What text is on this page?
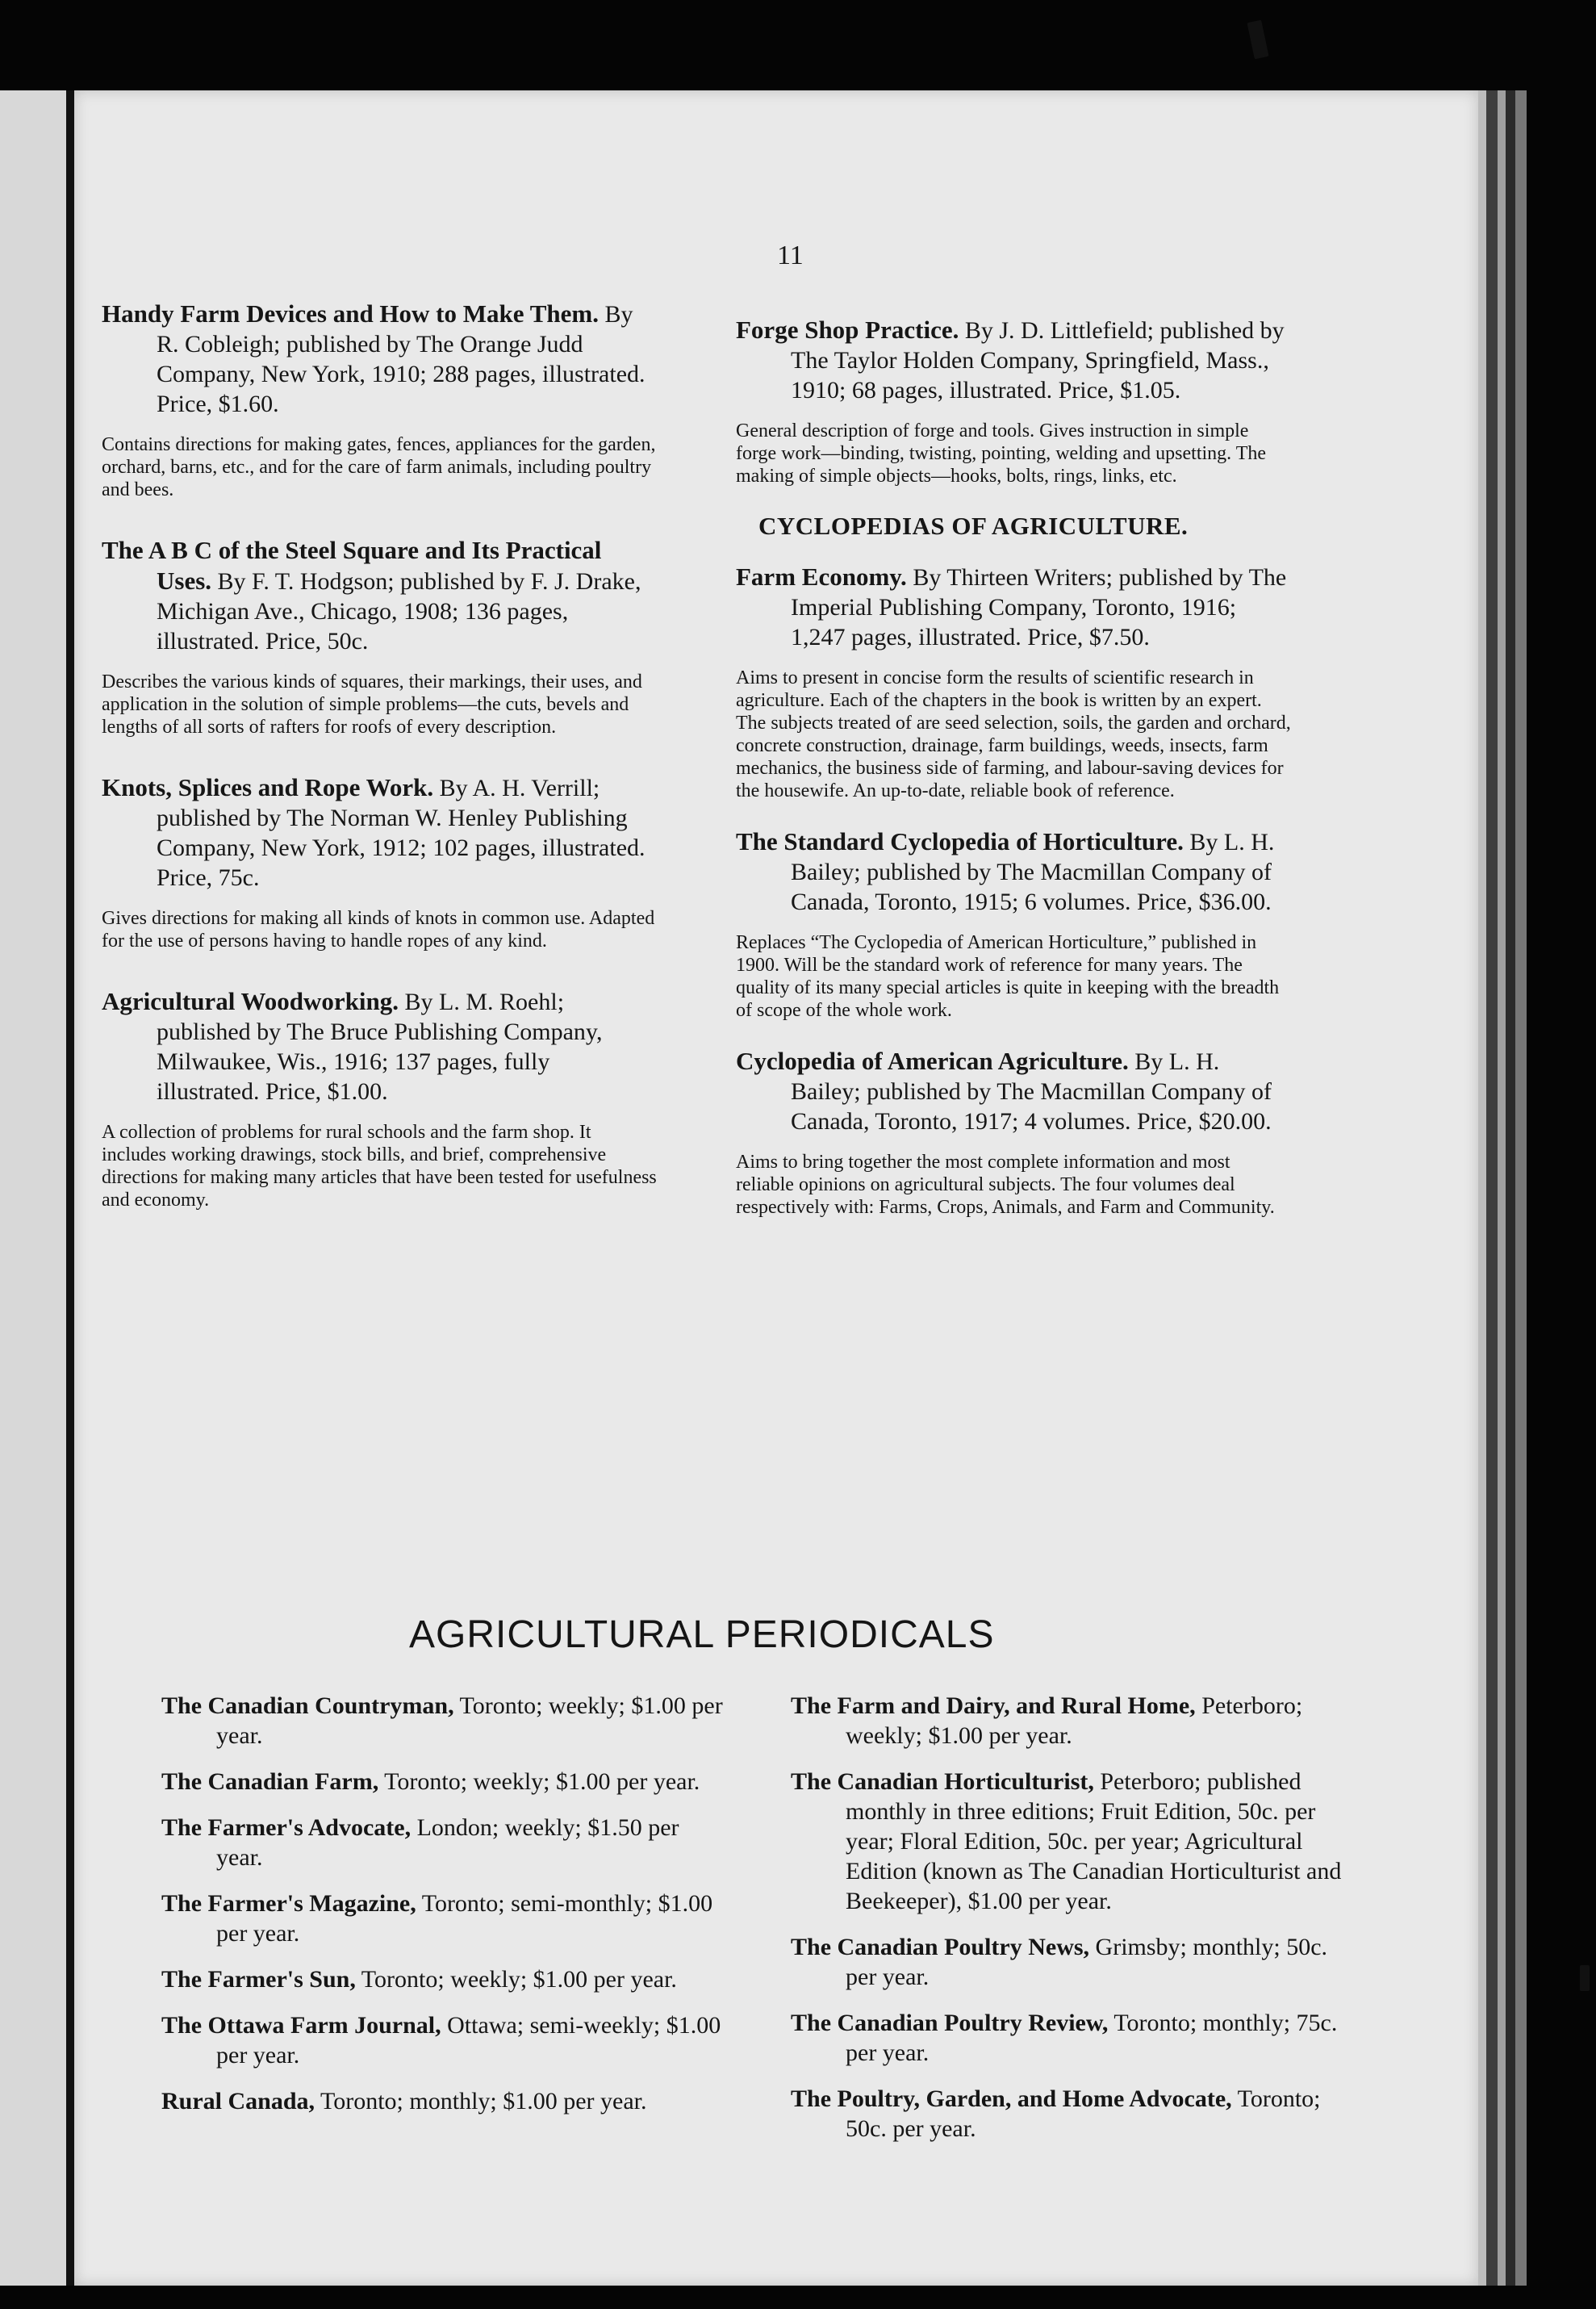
11

Handy Farm Devices and How to Make Them. By R. Cobleigh; published by The Orange Judd Company, New York, 1910; 288 pages, illustrated. Price, $1.60.

Contains directions for making gates, fences, appliances for the garden, orchard, barns, etc., and for the care of farm animals, including poultry and bees.

The A B C of the Steel Square and Its Practical Uses. By F. T. Hodgson; published by F. J. Drake, Michigan Ave., Chicago, 1908; 136 pages, illustrated. Price, 50c.

Describes the various kinds of squares, their markings, their uses, and application in the solution of simple problems—the cuts, bevels and lengths of all sorts of rafters for roofs of every description.

Knots, Splices and Rope Work. By A. H. Verrill; published by The Norman W. Henley Publishing Company, New York, 1912; 102 pages, illustrated. Price, 75c.

Gives directions for making all kinds of knots in common use. Adapted for the use of persons having to handle ropes of any kind.

Agricultural Woodworking. By L. M. Roehl; published by The Bruce Publishing Company, Milwaukee, Wis., 1916; 137 pages, fully illustrated. Price, $1.00.

A collection of problems for rural schools and the farm shop. It includes working drawings, stock bills, and brief, comprehensive directions for making many articles that have been tested for usefulness and economy.

Forge Shop Practice. By J. D. Littlefield; published by The Taylor Holden Company, Springfield, Mass., 1910; 68 pages, illustrated. Price, $1.05.

General description of forge and tools. Gives instruction in simple forge work—binding, twisting, pointing, welding and upsetting. The making of simple objects—hooks, bolts, rings, links, etc.

CYCLOPEDIAS OF AGRICULTURE.

Farm Economy. By Thirteen Writers; published by The Imperial Publishing Company, Toronto, 1916; 1,247 pages, illustrated. Price, $7.50.

Aims to present in concise form the results of scientific research in agriculture. Each of the chapters in the book is written by an expert. The subjects treated of are seed selection, soils, the garden and orchard, concrete construction, drainage, farm buildings, weeds, insects, farm mechanics, the business side of farming, and labour-saving devices for the housewife. An up-to-date, reliable book of reference.

The Standard Cyclopedia of Horticulture. By L. H. Bailey; published by The Macmillan Company of Canada, Toronto, 1915; 6 volumes. Price, $36.00.

Replaces “The Cyclopedia of American Horticulture,” published in 1900. Will be the standard work of reference for many years. The quality of its many special articles is quite in keeping with the breadth of scope of the whole work.

Cyclopedia of American Agriculture. By L. H. Bailey; published by The Macmillan Company of Canada, Toronto, 1917; 4 volumes. Price, $20.00.

Aims to bring together the most complete information and most reliable opinions on agricultural subjects. The four volumes deal respectively with: Farms, Crops, Animals, and Farm and Community.

AGRICULTURAL PERIODICALS

The Canadian Countryman, Toronto; weekly; $1.00 per year.

The Canadian Farm, Toronto; weekly; $1.00 per year.

The Farmer's Advocate, London; weekly; $1.50 per year.

The Farmer's Magazine, Toronto; semi-monthly; $1.00 per year.

The Farmer's Sun, Toronto; weekly; $1.00 per year.

The Ottawa Farm Journal, Ottawa; semi-weekly; $1.00 per year.

Rural Canada, Toronto; monthly; $1.00 per year.

The Farm and Dairy, and Rural Home, Peterboro; weekly; $1.00 per year.

The Canadian Horticulturist, Peterboro; published monthly in three editions; Fruit Edition, 50c. per year; Floral Edition, 50c. per year; Agricultural Edition (known as The Canadian Horticulturist and Beekeeper), $1.00 per year.

The Canadian Poultry News, Grimsby; monthly; 50c. per year.

The Canadian Poultry Review, Toronto; monthly; 75c. per year.

The Poultry, Garden, and Home Advocate, Toronto; 50c. per year.
